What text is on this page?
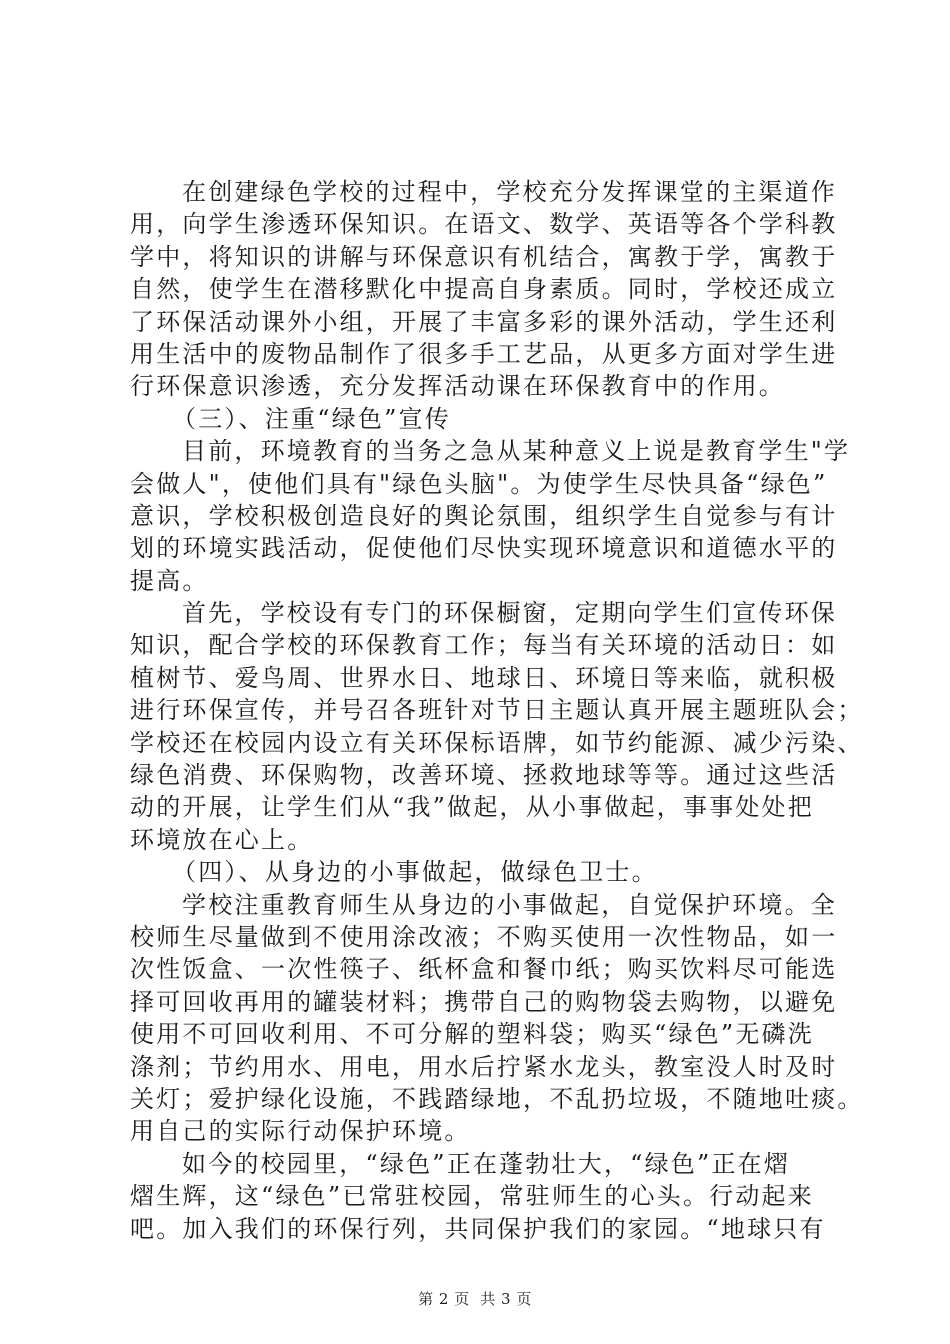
在创建绿色学校的过程中，学校充分发挥课堂的主渠道作
用，向学生渗透环保知识。在语文、数学、英语等各个学科教
学中，将知识的讲解与环保意识有机结合，寓教于学，寓教于
自然，使学生在潜移默化中提高自身素质。同时，学校还成立
了环保活动课外小组，开展了丰富多彩的课外活动，学生还利
用生活中的废物品制作了很多手工艺品，从更多方面对学生进
行环保意识渗透，充分发挥活动课在环保教育中的作用。
（三）、注重“绿色”宣传
目前，环境教育的当务之急从某种意义上说是教育学生"学
会做人"，使他们具有"绿色头脑"。为使学生尽快具备“绿色”
意识，学校积极创造良好的舆论氛围，组织学生自觉参与有计
划的环境实践活动，促使他们尽快实现环境意识和道德水平的
提高。
首先，学校设有专门的环保橱窗，定期向学生们宣传环保
知识，配合学校的环保教育工作；每当有关环境的活动日：如
植树节、爱鸟周、世界水日、地球日、环境日等来临，就积极
进行环保宣传，并号召各班针对节日主题认真开展主题班队会；
学校还在校园内设立有关环保标语牌，如节约能源、减少污染、
绿色消费、环保购物，改善环境、拯救地球等等。通过这些活
动的开展，让学生们从“我”做起，从小事做起，事事处处把
环境放在心上。
（四）、从身边的小事做起，做绿色卫士。
学校注重教育师生从身边的小事做起，自觉保护环境。全
校师生尽量做到不使用涂改液；不购买使用一次性物品，如一
次性饭盒、一次性筷子、纸杯盒和餐巾纸；购买饮料尽可能选
择可回收再用的罐装材料；携带自己的购物袋去购物，以避免
使用不可回收利用、不可分解的塑料袋；购买“绿色”无磷洗
涤剂；节约用水、用电，用水后拧紧水龙头，教室没人时及时
关灯；爱护绿化设施，不践踏绿地，不乱扔垃圾，不随地吐痰。
用自己的实际行动保护环境。
如今的校园里，“绿色”正在蓬勃壮大，“绿色”正在熠
熠生辉，这“绿色”已常驻校园，常驻师生的心头。行动起来
吧。加入我们的环保行列，共同保护我们的家园。“地球只有
第 2 页  共 3 页
